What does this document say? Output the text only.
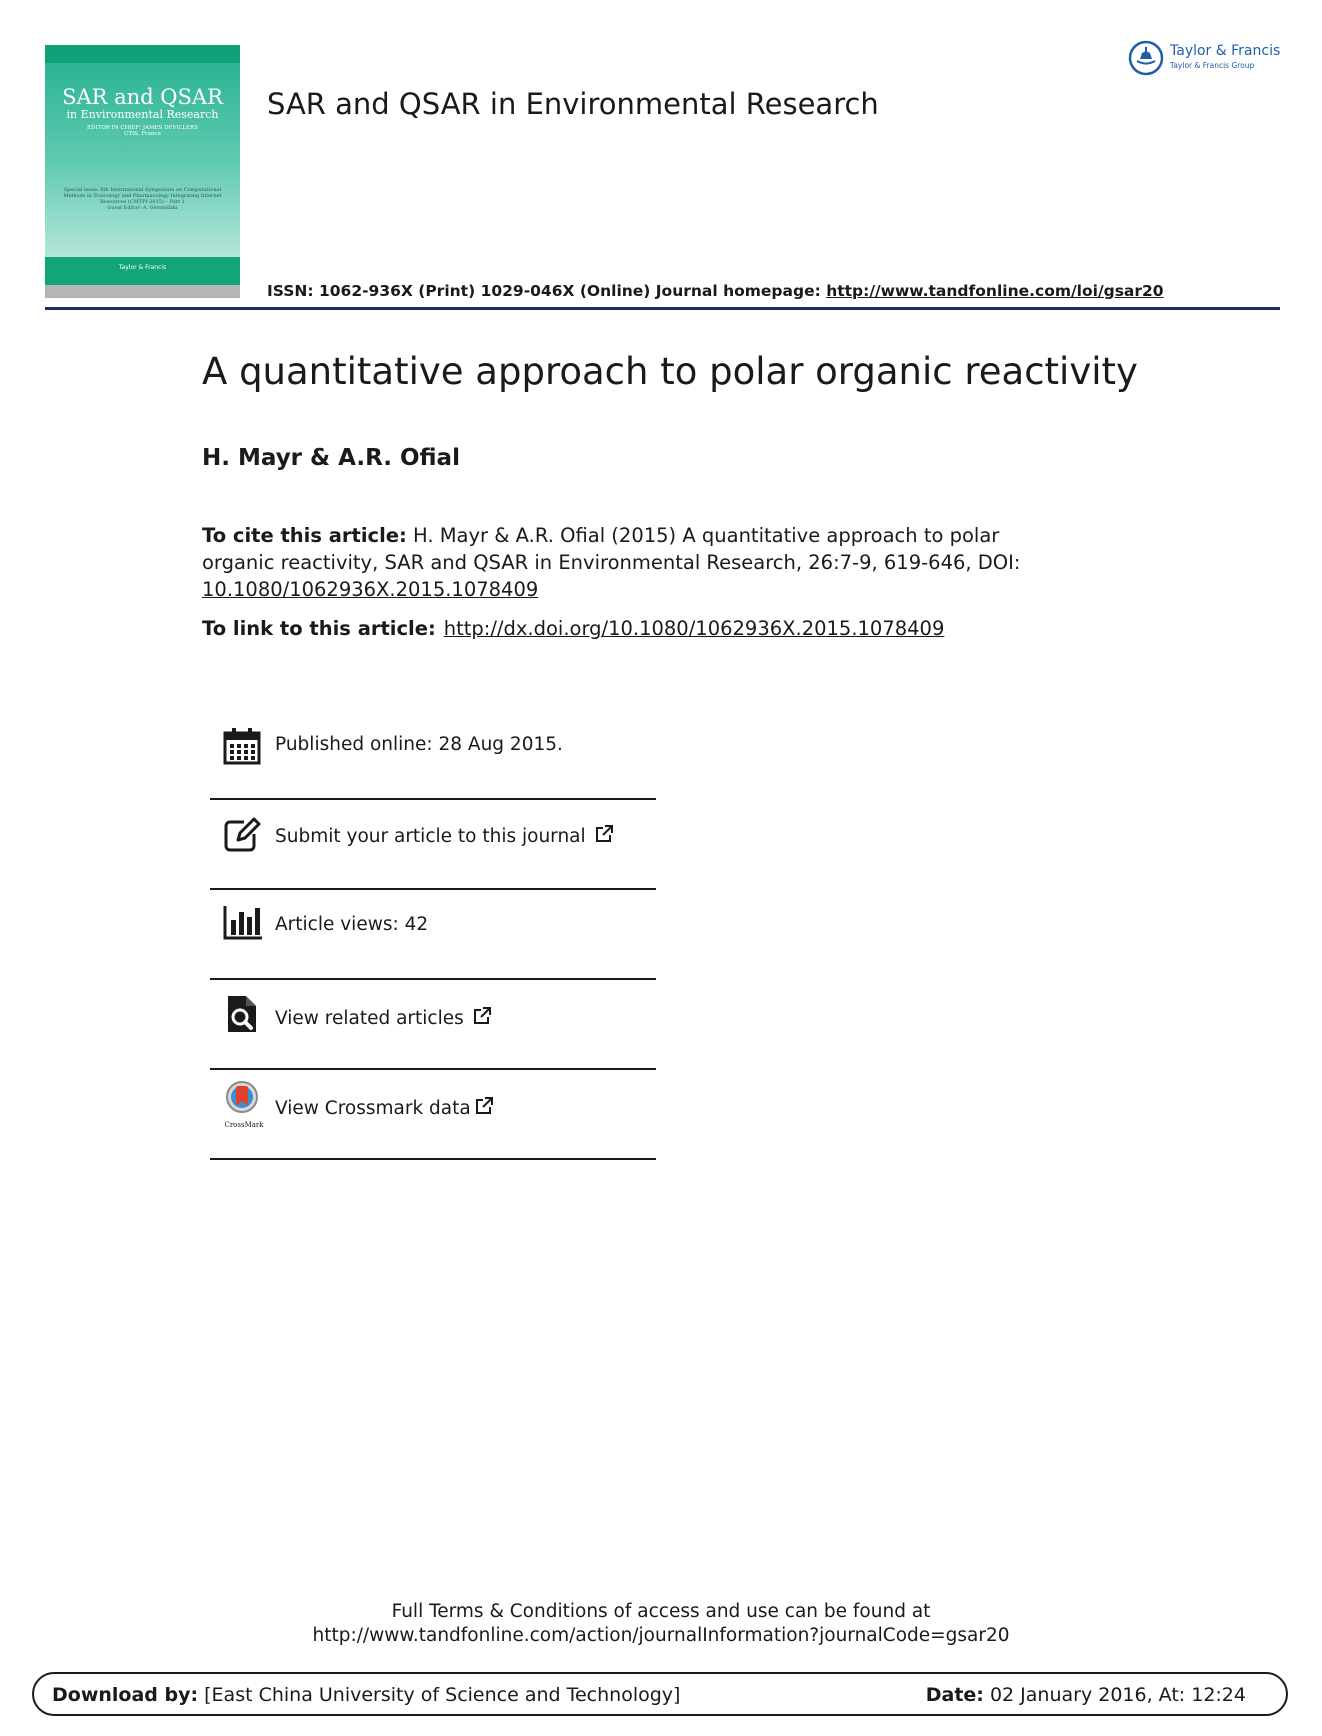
SAR and QSAR
in Environmental Research
EDITOR IN CHIEF: JAMES DEVILLERS
CTIS, France
Special issue: 8th International Symposium on Computational Methods in Toxicology and Pharmacology Integrating Internet Resources (CMTPI-2015) – Part 1
Guest Editor: A. Gerenidaki
Taylor & Francis
SAR and QSAR in Environmental Research
Taylor & Francis
Taylor & Francis Group
ISSN: 1062-936X (Print) 1029-046X (Online) Journal homepage: http://www.tandfonline.com/loi/gsar20
A quantitative approach to polar organic reactivity
H. Mayr & A.R. Ofial
To cite this article: H. Mayr & A.R. Ofial (2015) A quantitative approach to polar organic reactivity, SAR and QSAR in Environmental Research, 26:7-9, 619-646, DOI: 10.1080/1062936X.2015.1078409
To link to this article: http://dx.doi.org/10.1080/1062936X.2015.1078409
Published online: 28 Aug 2015.
Submit your article to this journal
Article views: 42
View related articles
CrossMark
View Crossmark data
Full Terms & Conditions of access and use can be found at
http://www.tandfonline.com/action/journalInformation?journalCode=gsar20
Download by: [East China University of Science and Technology]	Date: 02 January 2016, At: 12:24
